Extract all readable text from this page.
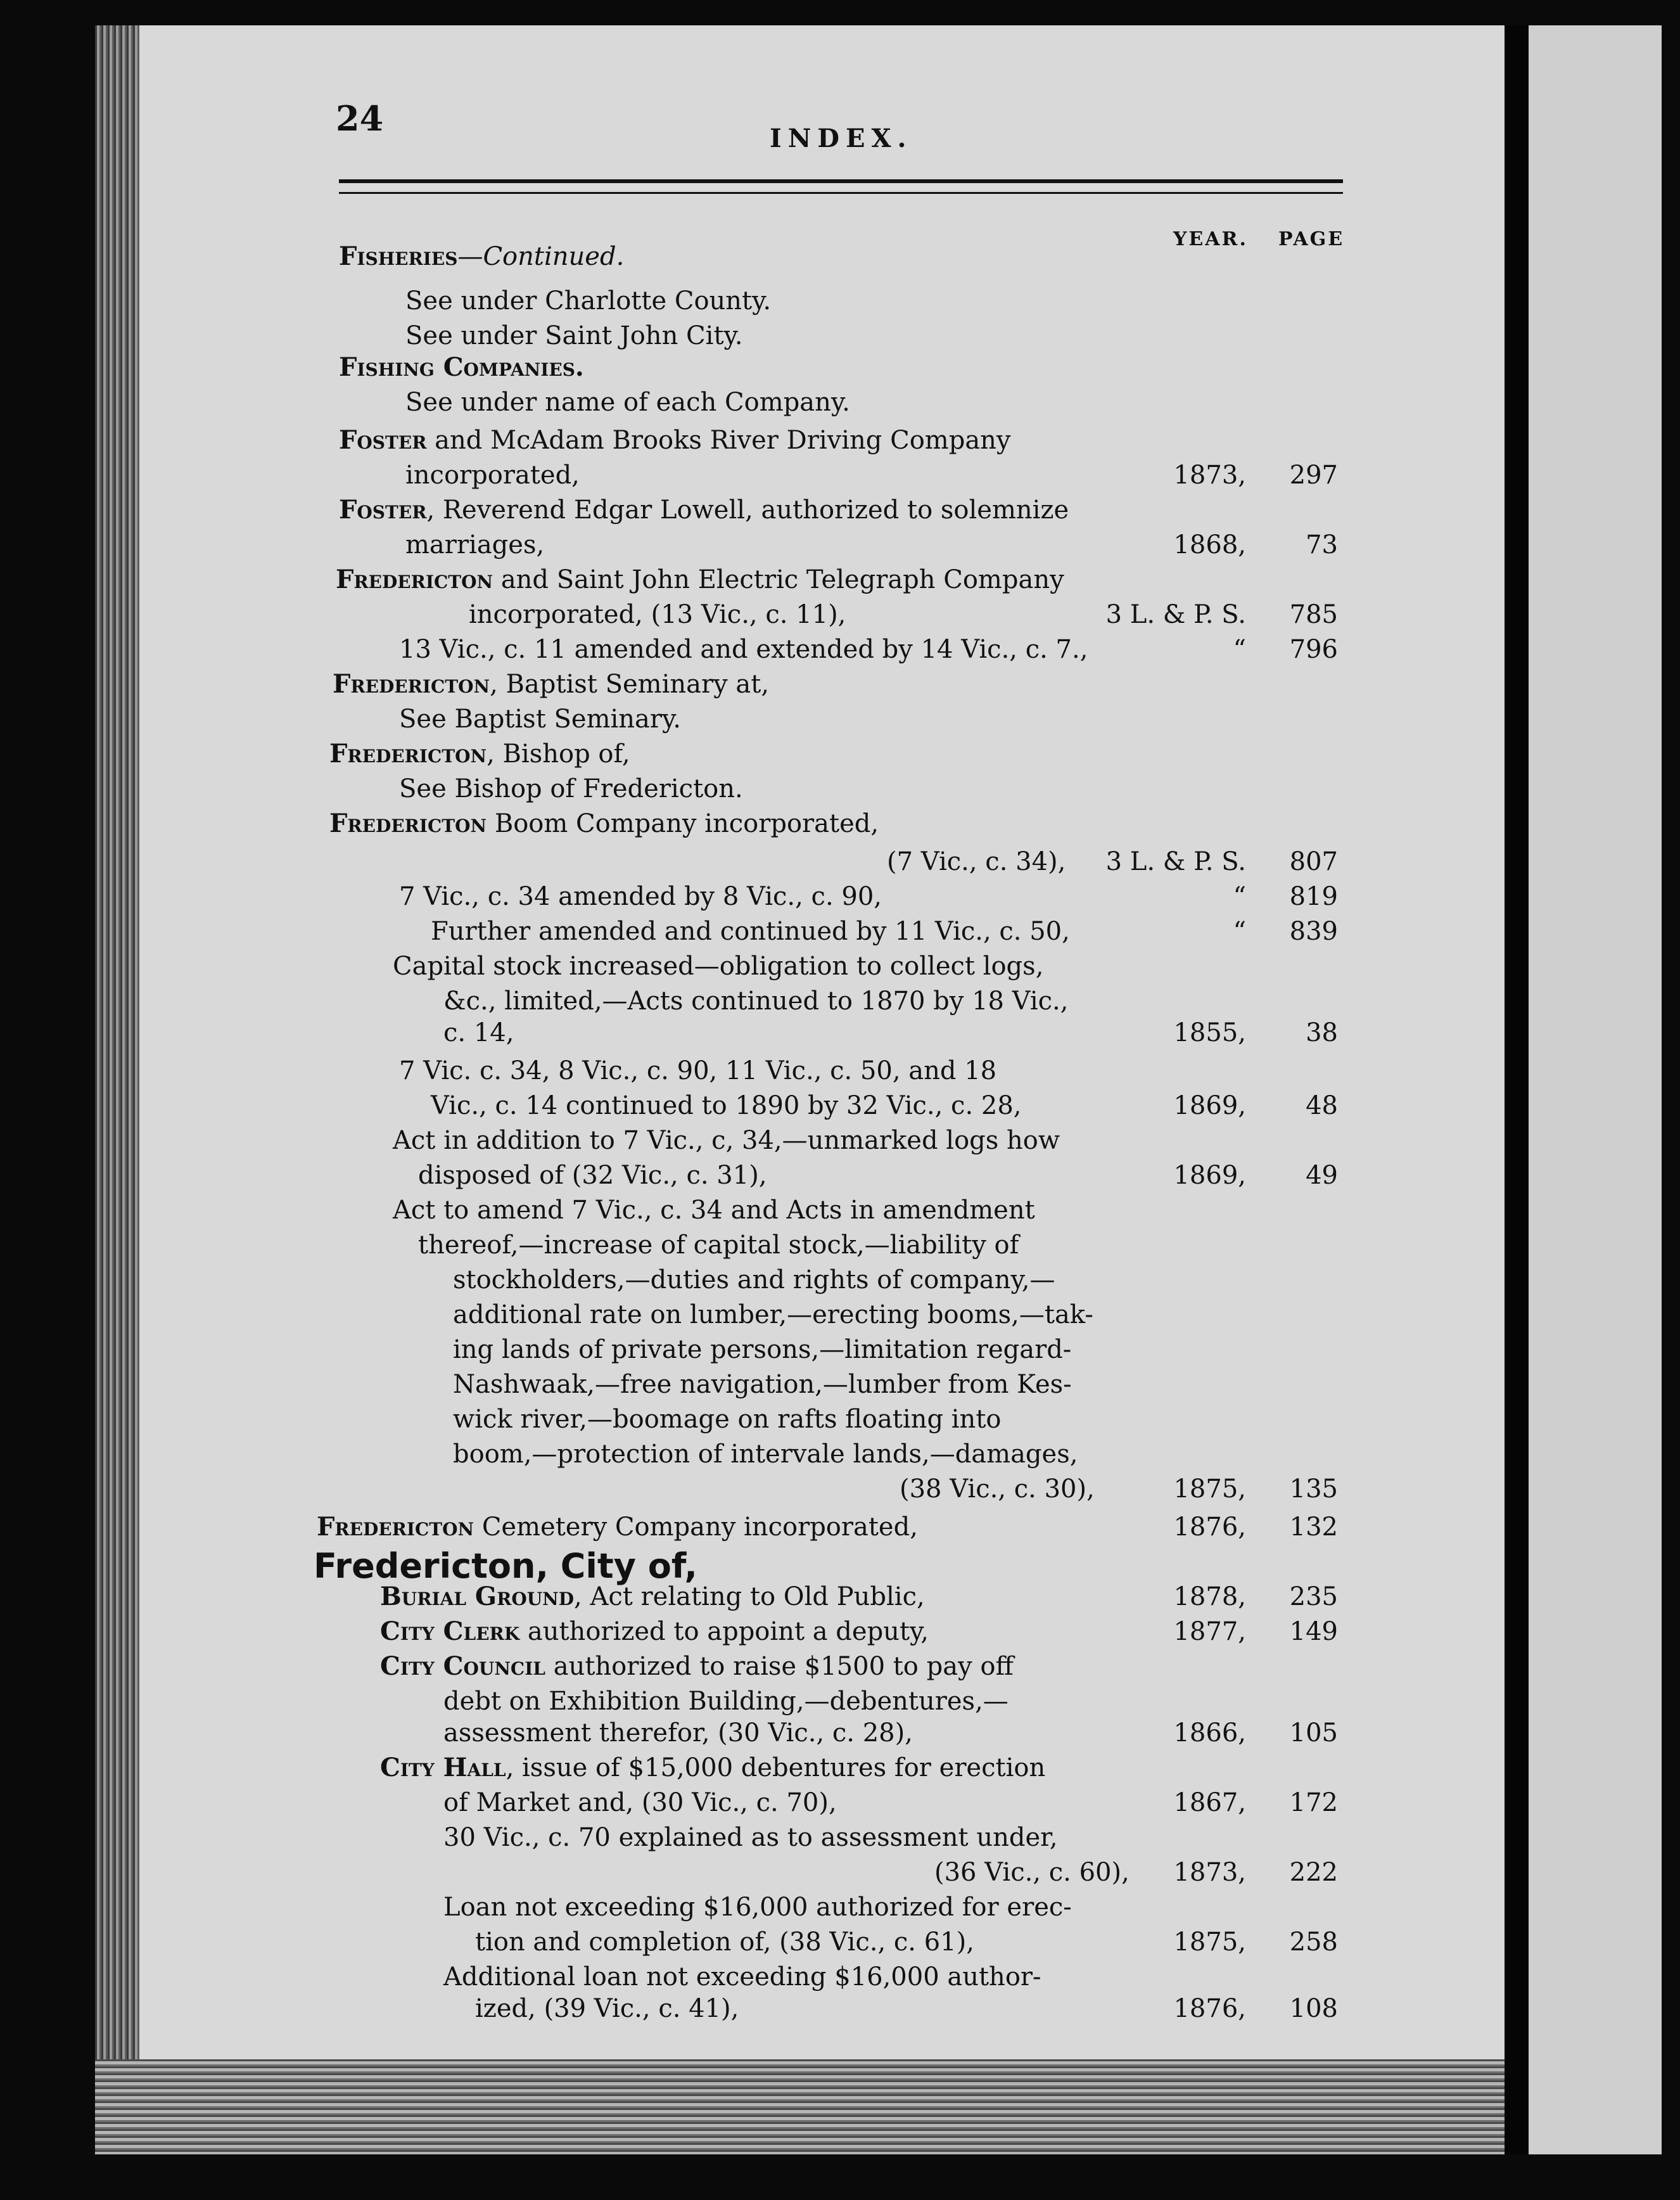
24	INDEX.
YEAR. PAGE
Fisheries—Continued.
See under Charlotte County.
See under Saint John City.
Fishing Companies.
See under name of each Company.
Foster and McAdam Brooks River Driving Company
incorporated,	1873, 297
Foster, Reverend Edgar Lowell, authorized to solemnize
marriages,	1868, 73
Fredericton and Saint John Electric Telegraph Company
incorporated, (13 Vic., c. 11),	3 L. & P. S. 785
13 Vic., c. 11 amended and extended by 14 Vic., c. 7.,	“ 796
Fredericton, Baptist Seminary at,
See Baptist Seminary.
Fredericton, Bishop of,
See Bishop of Fredericton.
Fredericton Boom Company incorporated,
(7 Vic., c. 34), 3 L. & P. S. 807
7 Vic., c. 34 amended by 8 Vic., c. 90,	“ 819
Further amended and continued by 11 Vic., c. 50,	“ 839
Capital stock increased—obligation to collect logs,
&c., limited,—Acts continued to 1870 by 18 Vic.,
c. 14,	1855, 38
7 Vic. c. 34, 8 Vic., c. 90, 11 Vic., c. 50, and 18
Vic., c. 14 continued to 1890 by 32 Vic., c. 28,	1869, 48
Act in addition to 7 Vic., c, 34,—unmarked logs how
disposed of (32 Vic., c. 31),	1869, 49
Act to amend 7 Vic., c. 34 and Acts in amendment
thereof,—increase of capital stock,—liability of
stockholders,—duties and rights of company,—
additional rate on lumber,—erecting booms,—tak-
ing lands of private persons,—limitation regard-
Nashwaak,—free navigation,—lumber from Kes-
wick river,—boomage on rafts floating into
boom,—protection of intervale lands,—damages,
(38 Vic., c. 30),	1875, 135
Fredericton Cemetery Company incorporated,	1876, 132
Fredericton, City of,
Burial Ground, Act relating to Old Public,	1878, 235
City Clerk authorized to appoint a deputy,	1877, 149
City Council authorized to raise $1500 to pay off
debt on Exhibition Building,—debentures,—
assessment therefor, (30 Vic., c. 28),	1866, 105
City Hall, issue of $15,000 debentures for erection
of Market and, (30 Vic., c. 70),	1867, 172
30 Vic., c. 70 explained as to assessment under,
(36 Vic., c. 60), 1873, 222
Loan not exceeding $16,000 authorized for erec-
tion and completion of, (38 Vic., c. 61),	1875, 258
Additional loan not exceeding $16,000 author-
ized, (39 Vic., c. 41),	1876, 108
